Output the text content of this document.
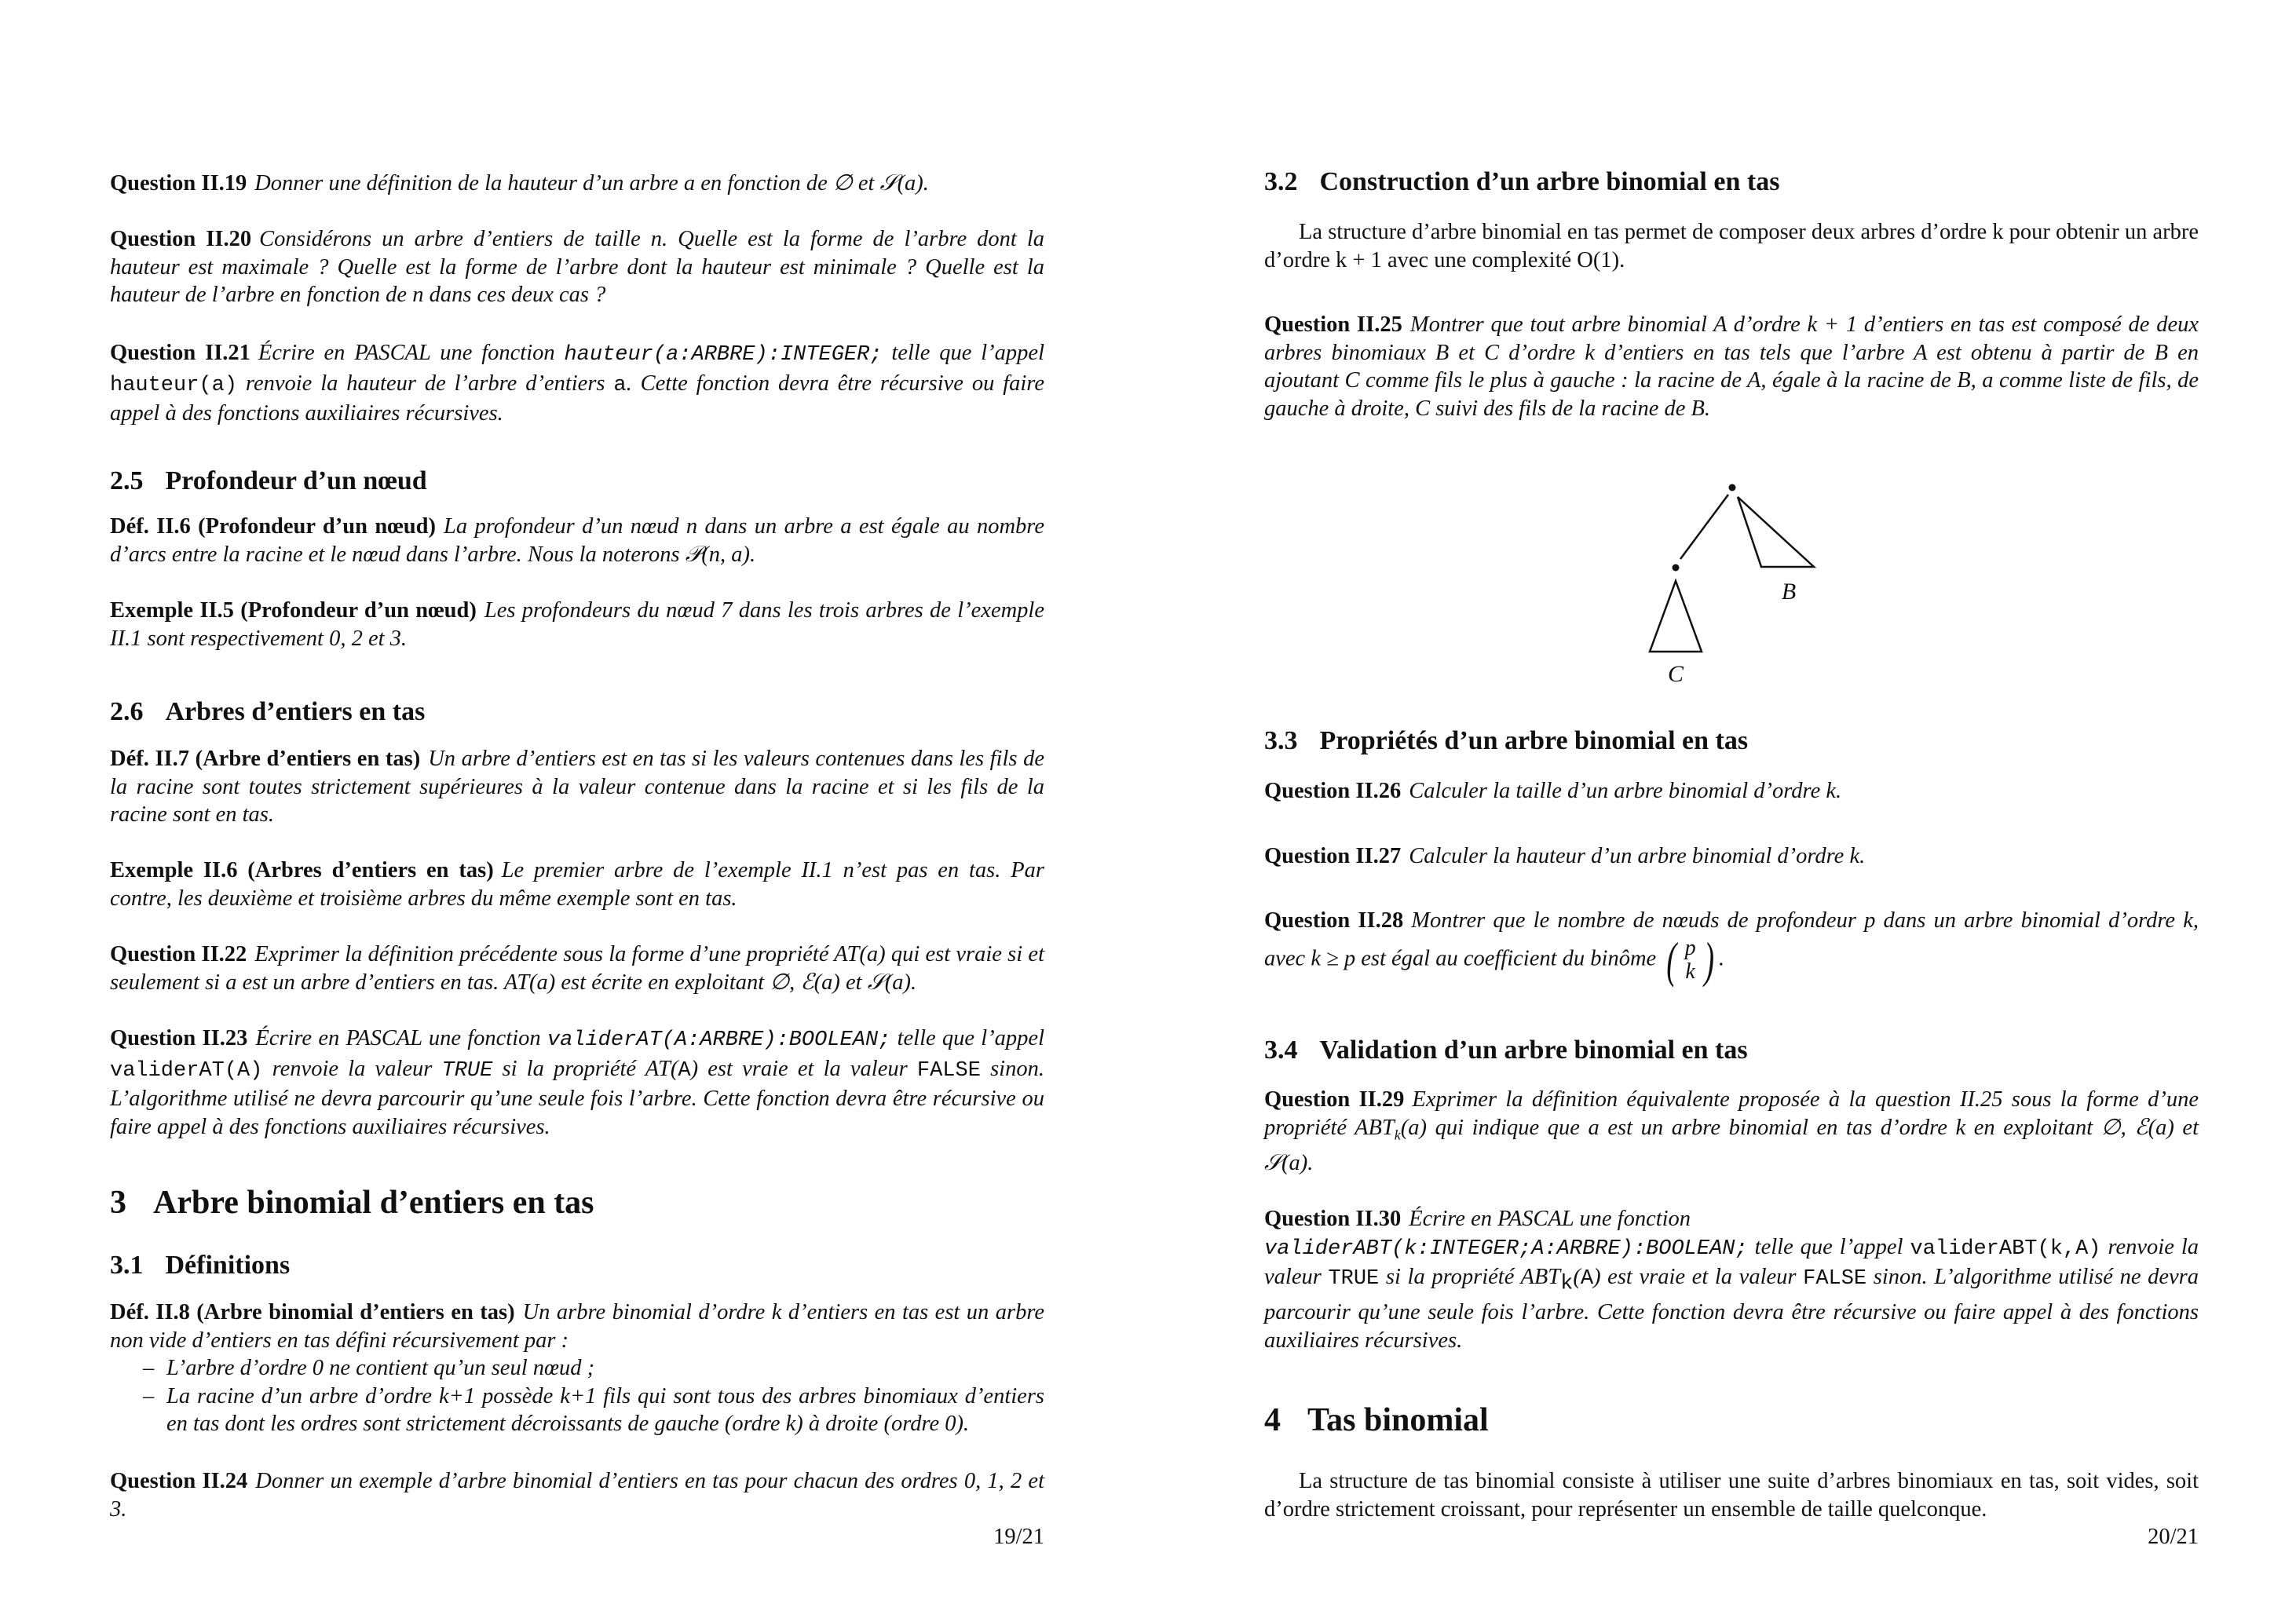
Question II.19 Donner une définition de la hauteur d’un arbre a en fonction de ∅ et 𝒮(a).

Question II.20 Considérons un arbre d’entiers de taille n. Quelle est la forme de l’arbre dont la hauteur est maximale ? Quelle est la forme de l’arbre dont la hauteur est minimale ? Quelle est la hauteur de l’arbre en fonction de n dans ces deux cas ?

Question II.21 Écrire en PASCAL une fonction hauteur(a:ARBRE):INTEGER; telle que l’appel hauteur(a) renvoie la hauteur de l’arbre d’entiers a. Cette fonction devra être récursive ou faire appel à des fonctions auxiliaires récursives.

2.5 Profondeur d’un nœud

Déf. II.6 (Profondeur d’un nœud) La profondeur d’un nœud n dans un arbre a est égale au nombre d’arcs entre la racine et le nœud dans l’arbre. Nous la noterons 𝒫(n, a).

Exemple II.5 (Profondeur d’un nœud) Les profondeurs du nœud 7 dans les trois arbres de l’exemple II.1 sont respectivement 0, 2 et 3.

2.6 Arbres d’entiers en tas

Déf. II.7 (Arbre d’entiers en tas) Un arbre d’entiers est en tas si les valeurs contenues dans les fils de la racine sont toutes strictement supérieures à la valeur contenue dans la racine et si les fils de la racine sont en tas.

Exemple II.6 (Arbres d’entiers en tas) Le premier arbre de l’exemple II.1 n’est pas en tas. Par contre, les deuxième et troisième arbres du même exemple sont en tas.

Question II.22 Exprimer la définition précédente sous la forme d’une propriété AT(a) qui est vraie si et seulement si a est un arbre d’entiers en tas. AT(a) est écrite en exploitant ∅, ℰ(a) et 𝒮(a).

Question II.23 Écrire en PASCAL une fonction validerAT(A:ARBRE):BOOLEAN; telle que l’appel validerAT(A) renvoie la valeur TRUE si la propriété AT(A) est vraie et la valeur FALSE sinon. L’algorithme utilisé ne devra parcourir qu’une seule fois l’arbre. Cette fonction devra être récursive ou faire appel à des fonctions auxiliaires récursives.

3 Arbre binomial d’entiers en tas
3.1 Définitions

Déf. II.8 (Arbre binomial d’entiers en tas) Un arbre binomial d’ordre k d’entiers en tas est un arbre non vide d’entiers en tas défini récursivement par :

– L’arbre d’ordre 0 ne contient qu’un seul nœud ;
– La racine d’un arbre d’ordre k+1 possède k+1 fils qui sont tous des arbres binomiaux d’entiers en tas dont les ordres sont strictement décroissants de gauche (ordre k) à droite (ordre 0).

Question II.24 Donner un exemple d’arbre binomial d’entiers en tas pour chacun des ordres 0, 1, 2 et 3.

19/21
3.2 Construction d’un arbre binomial en tas

La structure d’arbre binomial en tas permet de composer deux arbres d’ordre k pour obtenir un arbre d’ordre k + 1 avec une complexité O(1).

Question II.25 Montrer que tout arbre binomial A d’ordre k + 1 d’entiers en tas est composé de deux arbres binomiaux B et C d’ordre k d’entiers en tas tels que l’arbre A est obtenu à partir de B en ajoutant C comme fils le plus à gauche : la racine de A, égale à la racine de B, a comme liste de fils, de gauche à droite, C suivi des fils de la racine de B.

B
C
3.3 Propriétés d’un arbre binomial en tas

Question II.26 Calculer la taille d’un arbre binomial d’ordre k.

Question II.27 Calculer la hauteur d’un arbre binomial d’ordre k.

Question II.28 Montrer que le nombre de nœuds de profondeur p dans un arbre binomial d’ordre k, avec k ≥ p est égal au coefficient du binôme ( p
k ) .

3.4 Validation d’un arbre binomial en tas

Question II.29 Exprimer la définition équivalente proposée à la question II.25 sous la forme d’une propriété $ABT_k(a)$ qui indique que a est un arbre binomial en tas d’ordre k en exploitant ∅, ℰ(a) et 𝒮(a).

Question II.30 Écrire en PASCAL une fonction
validerABT(k:INTEGER;A:ARBRE):BOOLEAN; telle que l’appel validerABT(k,A) renvoie la valeur TRUE si la propriété $ABT_k(A)$ est vraie et la valeur FALSE sinon. L’algorithme utilisé ne devra parcourir qu’une seule fois l’arbre. Cette fonction devra être récursive ou faire appel à des fonctions auxiliaires récursives.

4 Tas binomial

La structure de tas binomial consiste à utiliser une suite d’arbres binomiaux en tas, soit vides, soit d’ordre strictement croissant, pour représenter un ensemble de taille quelconque.

20/21
